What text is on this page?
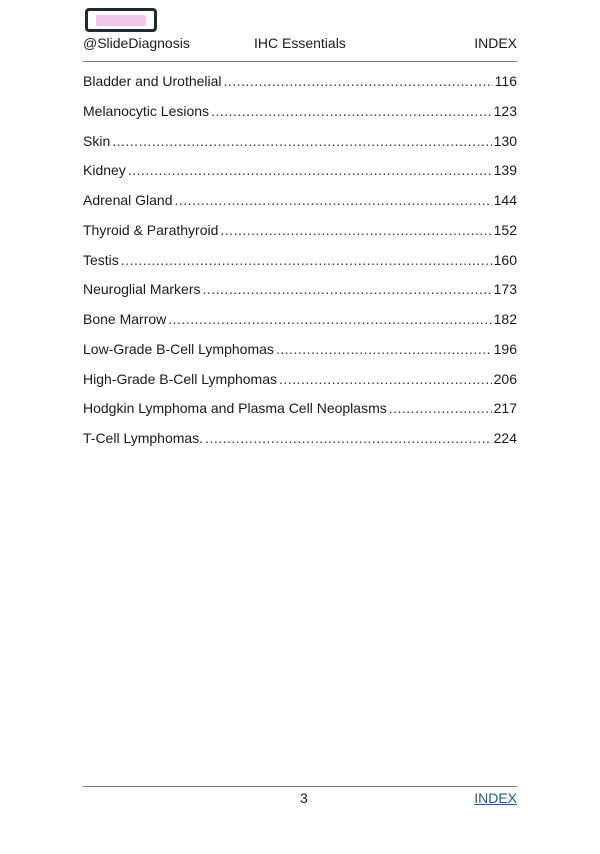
@SlideDiagnosis	IHC Essentials	INDEX
Bladder and Urothelial .....	116
Melanocytic Lesions .....	123
Skin .....	130
Kidney .....	139
Adrenal Gland .....	144
Thyroid & Parathyroid .....	152
Testis .....	160
Neuroglial Markers .....	173
Bone Marrow .....	182
Low-Grade B-Cell Lymphomas .....	196
High-Grade B-Cell Lymphomas .....	206
Hodgkin Lymphoma and Plasma Cell Neoplasms .....	217
T-Cell Lymphomas. .....	224
3	INDEX
